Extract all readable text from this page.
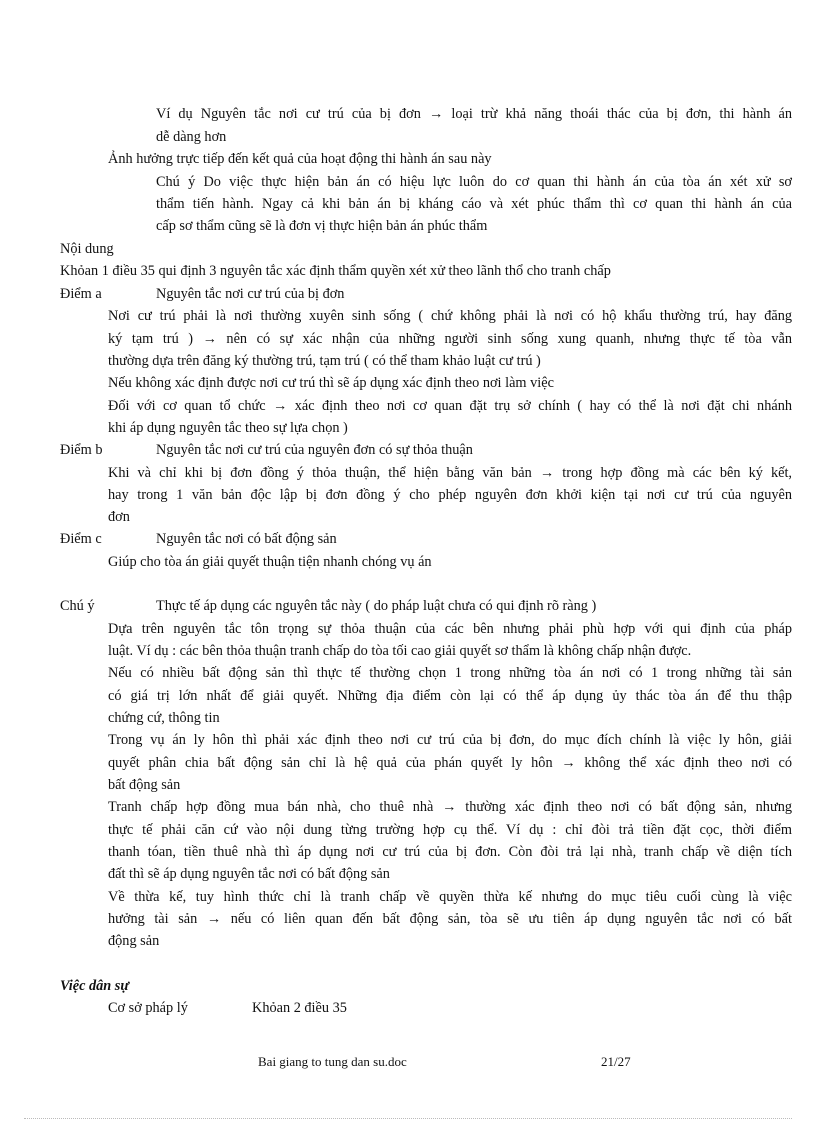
Ví dụ Nguyên tắc nơi cư trú của bị đơn → loại trừ khả năng thoái thác của bị đơn, thi hành án
dễ dàng hơn
Ảnh hưởng trực tiếp đến kết quả của hoạt động thi hành án sau này
Chú ý Do việc thực hiện bản án có hiệu lực luôn do cơ quan thi hành án của tòa án xét xử sơ
thẩm tiến hành. Ngay cả khi bản án bị kháng cáo và xét phúc thẩm thì cơ quan thi hành án của
cấp sơ thẩm cũng sẽ là đơn vị thực hiện bản án phúc thẩm
Nội dung
Khỏan 1 điều 35 qui định 3 nguyên tắc xác định thẩm quyền xét xử theo lãnh thổ cho tranh chấp
Điểm a	Nguyên tắc nơi cư trú của bị đơn
Nơi cư trú phải là nơi thường xuyên sinh sống ( chứ không phải là nơi có hộ khẩu thường trú, hay đăng
ký tạm trú ) → nên có sự xác nhận của những người sinh sống xung quanh, nhưng thực tế tòa vẫn
thường dựa trên đăng ký thường trú, tạm trú ( có thể tham khảo luật cư trú )
Nếu không xác định được nơi cư trú thì sẽ áp dụng xác định theo nơi làm việc
Đối với cơ quan tổ chức → xác định theo nơi cơ quan đặt trụ sở chính ( hay có thể là nơi đặt chi nhánh
khi áp dụng nguyên tắc theo sự lựa chọn )
Điểm b	Nguyên tắc nơi cư trú của nguyên đơn có sự thỏa thuận
Khi và chỉ khi bị đơn đồng ý thỏa thuận, thể hiện bằng văn bản → trong hợp đồng mà các bên ký kết,
hay trong 1 văn bản độc lập bị đơn đồng ý cho phép nguyên đơn khởi kiện tại nơi cư trú của nguyên
đơn
Điểm c	Nguyên tắc nơi có bất động sản
Giúp cho tòa án giải quyết thuận tiện nhanh chóng vụ án
Chú ý	Thực tế áp dụng các nguyên tắc này ( do pháp luật chưa có qui định rõ ràng )
Dựa trên nguyên tắc tôn trọng sự thỏa thuận của các bên nhưng phải phù hợp với qui định của pháp
luật. Ví dụ : các bên thỏa thuận tranh chấp do tòa tối cao giải quyết sơ thẩm là không chấp nhận được.
Nếu có nhiều bất động sản thì thực tế thường chọn 1 trong những tòa án nơi có 1 trong những tài sản
có giá trị lớn nhất để giải quyết. Những địa điểm còn lại có thể áp dụng ủy thác tòa án để thu thập
chứng cứ, thông tin
Trong vụ án ly hôn thì phải xác định theo nơi cư trú của bị đơn, do mục đích chính là việc ly hôn, giải
quyết phân chia bất động sản chỉ là hệ quả của phán quyết ly hôn → không thể xác định theo nơi có
bất động sản
Tranh chấp hợp đồng mua bán nhà, cho thuê nhà → thường xác định theo nơi có bất động sản, nhưng
thực tế phải căn cứ vào nội dung từng trường hợp cụ thể. Ví dụ : chỉ đòi trả tiền đặt cọc, thời điểm
thanh tóan, tiền thuê nhà thì áp dụng nơi cư trú của bị đơn. Còn đòi trả lại nhà, tranh chấp về diện tích
đất thì sẽ áp dụng nguyên tắc nơi có bất động sản
Về thừa kế, tuy hình thức chỉ là tranh chấp về quyền thừa kế nhưng do mục tiêu cuối cùng là việc
hưởng tài sản → nếu có liên quan đến bất động sản, tòa sẽ ưu tiên áp dụng nguyên tắc nơi có bất
động sản
Việc dân sự
Cơ sở pháp lý	Khỏan 2 điều 35
Bai giang to tung dan su.doc	21/27
